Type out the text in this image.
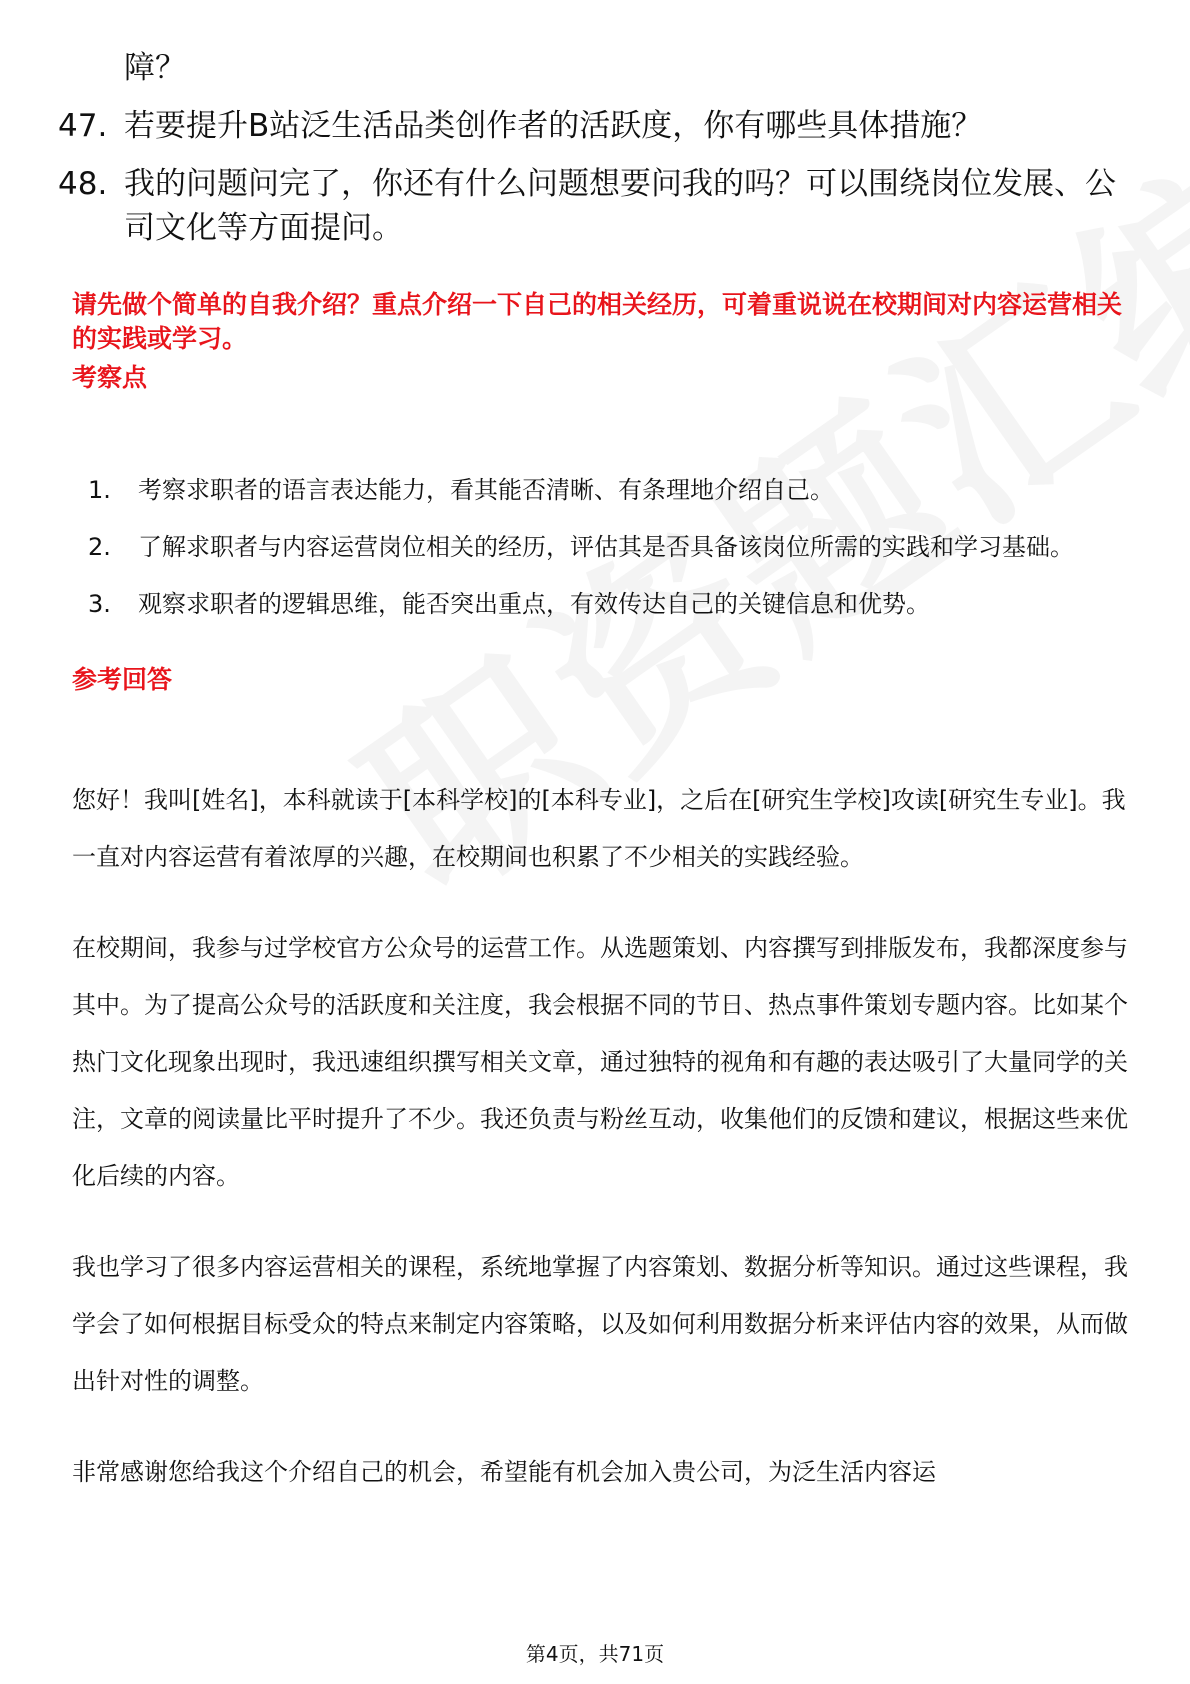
障？
47. 若要提升B站泛生活品类创作者的活跃度，你有哪些具体措施？
48. 我的问题问完了，你还有什么问题想要问我的吗？可以围绕岗位发展、公司文化等方面提问。

请先做个简单的自我介绍？重点介绍一下自己的相关经历，可着重说说在校期间对内容运营相关的实践或学习。

考察点
1.	考察求职者的语言表达能力，看其能否清晰、有条理地介绍自己。
2.	了解求职者与内容运营岗位相关的经历，评估其是否具备该岗位所需的实践和学习基础。
3.	观察求职者的逻辑思维，能否突出重点，有效传达自己的关键信息和优势。
参考回答

您好！我叫[姓名]，本科就读于[本科学校]的[本科专业]，之后在[研究生学校]攻读[研究生专业]。我一直对内容运营有着浓厚的兴趣，在校期间也积累了不少相关的实践经验。

在校期间，我参与过学校官方公众号的运营工作。从选题策划、内容撰写到排版发布，我都深度参与其中。为了提高公众号的活跃度和关注度，我会根据不同的节日、热点事件策划专题内容。比如某个热门文化现象出现时，我迅速组织撰写相关文章，通过独特的视角和有趣的表达吸引了大量同学的关注，文章的阅读量比平时提升了不少。我还负责与粉丝互动，收集他们的反馈和建议，根据这些来优化后续的内容。

我也学习了很多内容运营相关的课程，系统地掌握了内容策划、数据分析等知识。通过这些课程，我学会了如何根据目标受众的特点来制定内容策略，以及如何利用数据分析来评估内容的效果，从而做出针对性的调整。

非常感谢您给我这个介绍自己的机会，希望能有机会加入贵公司，为泛生活内容运

第4页，共71页
